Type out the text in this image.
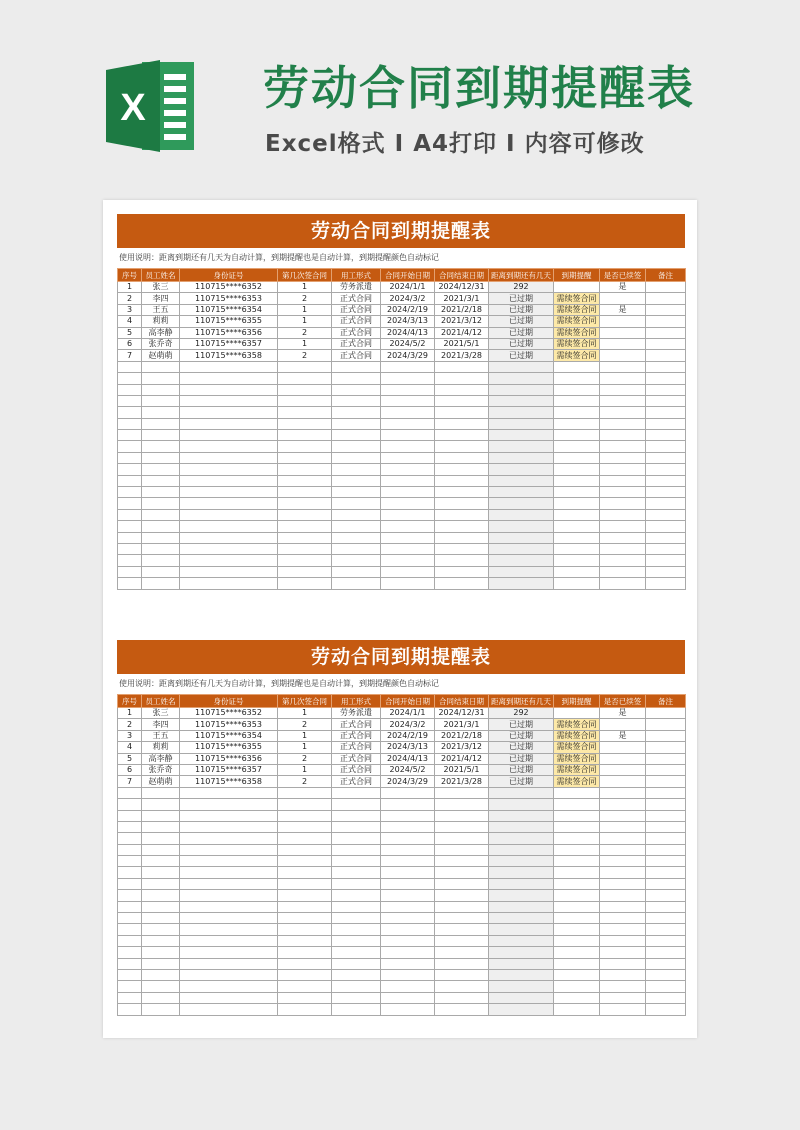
X	劳动合同到期提醒表
Excel格式 I A4打印 I 内容可修改
劳动合同到期提醒表
使用说明：距离到期还有几天为自动计算，到期提醒也是自动计算，到期提醒颜色自动标记
序号	员工姓名	身份证号	第几次签合同	用工形式	合同开始日期	合同结束日期	距离到期还有几天	到期提醒	是否已续签	备注
1	张三	110715****6352	1	劳务派遣	2024/1/1	2024/12/31	292		是	
2	李四	110715****6353	2	正式合同	2024/3/2	2021/3/1	已过期	需续签合同		
3	王五	110715****6354	1	正式合同	2024/2/19	2021/2/18	已过期	需续签合同	是	
4	莉莉	110715****6355	1	正式合同	2024/3/13	2021/3/12	已过期	需续签合同		
5	高李静	110715****6356	2	正式合同	2024/4/13	2021/4/12	已过期	需续签合同		
6	张乔奇	110715****6357	1	正式合同	2024/5/2	2021/5/1	已过期	需续签合同		
7	赵萌萌	110715****6358	2	正式合同	2024/3/29	2021/3/28	已过期	需续签合同		

劳动合同到期提醒表
使用说明：距离到期还有几天为自动计算，到期提醒也是自动计算，到期提醒颜色自动标记
序号	员工姓名	身份证号	第几次签合同	用工形式	合同开始日期	合同结束日期	距离到期还有几天	到期提醒	是否已续签	备注
1	张三	110715****6352	1	劳务派遣	2024/1/1	2024/12/31	292		是	
2	李四	110715****6353	2	正式合同	2024/3/2	2021/3/1	已过期	需续签合同		
3	王五	110715****6354	1	正式合同	2024/2/19	2021/2/18	已过期	需续签合同	是	
4	莉莉	110715****6355	1	正式合同	2024/3/13	2021/3/12	已过期	需续签合同		
5	高李静	110715****6356	2	正式合同	2024/4/13	2021/4/12	已过期	需续签合同		
6	张乔奇	110715****6357	1	正式合同	2024/5/2	2021/5/1	已过期	需续签合同		
7	赵萌萌	110715****6358	2	正式合同	2024/3/29	2021/3/28	已过期	需续签合同		
